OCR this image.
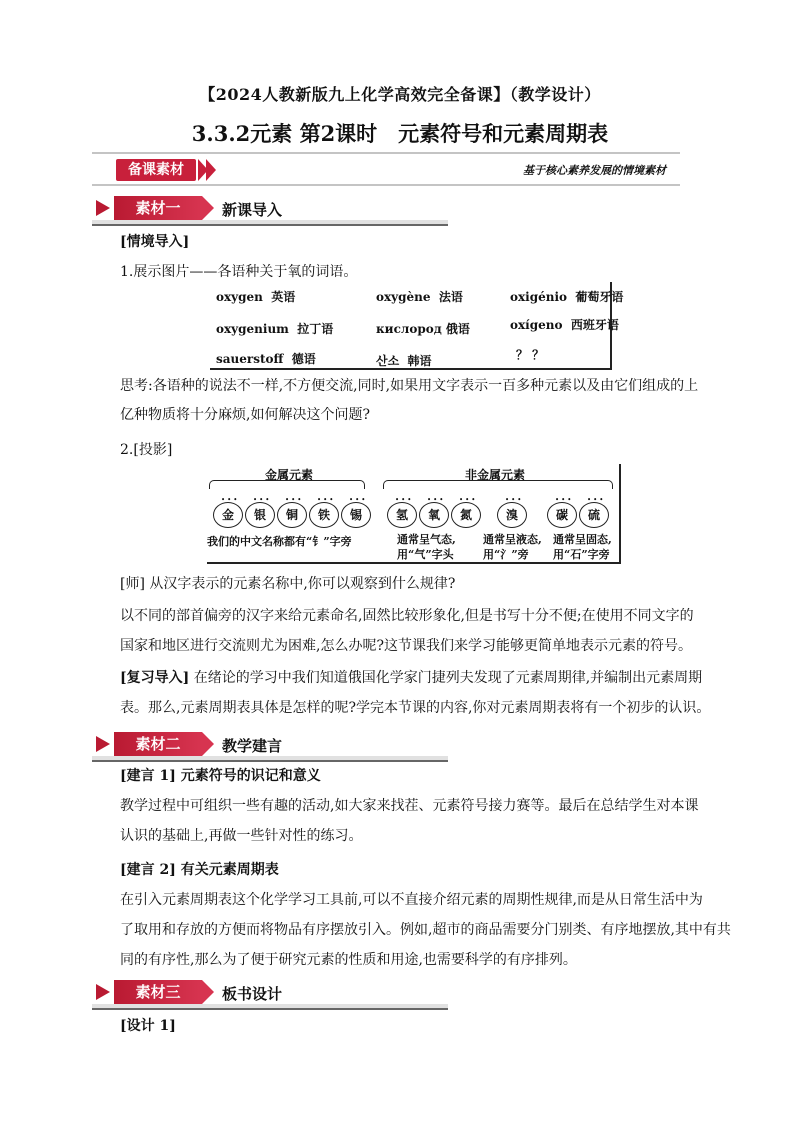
【2024人教新版九上化学高效完全备课】（教学设计）
3.3.2元素 第2课时　元素符号和元素周期表
备课素材	基于核心素养发展的情境素材
素材一	新课导入
[情境导入]
1.展示图片——各语种关于氧的词语。
oxygen 英语	oxygène 法语	oxigénio 葡萄牙语
oxygenium 拉丁语	кислород 俄语	oxígeno 西班牙语
sauerstoff 德语	산소 韩语	？ ？
思考:各语种的说法不一样,不方便交流,同时,如果用文字表示一百多种元素以及由它们组成的上
亿种物质将十分麻烦,如何解决这个问题?
2.[投影]
金属元素	非金属元素
•••
金
•••
银
•••
铜
•••
铁
•••
锡
•••
氢
•••
氧
•••
氮
•••
溴
•••
碳
•••
硫
我们的中文名称都有“钅”字旁	通常呈气态,
用“气”字头
通常呈液态,
用“氵”旁
通常呈固态,
用“石”字旁
[师] 从汉字表示的元素名称中,你可以观察到什么规律?
以不同的部首偏旁的汉字来给元素命名,固然比较形象化,但是书写十分不便;在使用不同文字的
国家和地区进行交流则尤为困难,怎么办呢?这节课我们来学习能够更简单地表示元素的符号。
[复习导入] 在绪论的学习中我们知道俄国化学家门捷列夫发现了元素周期律,并编制出元素周期
表。那么,元素周期表具体是怎样的呢?学完本节课的内容,你对元素周期表将有一个初步的认识。
素材二	教学建言
[建言 1] 元素符号的识记和意义
教学过程中可组织一些有趣的活动,如大家来找茬、元素符号接力赛等。最后在总结学生对本课
认识的基础上,再做一些针对性的练习。
[建言 2] 有关元素周期表
在引入元素周期表这个化学学习工具前,可以不直接介绍元素的周期性规律,而是从日常生活中为
了取用和存放的方便而将物品有序摆放引入。例如,超市的商品需要分门别类、有序地摆放,其中有共
同的有序性,那么为了便于研究元素的性质和用途,也需要科学的有序排列。
素材三	板书设计
[设计 1]
